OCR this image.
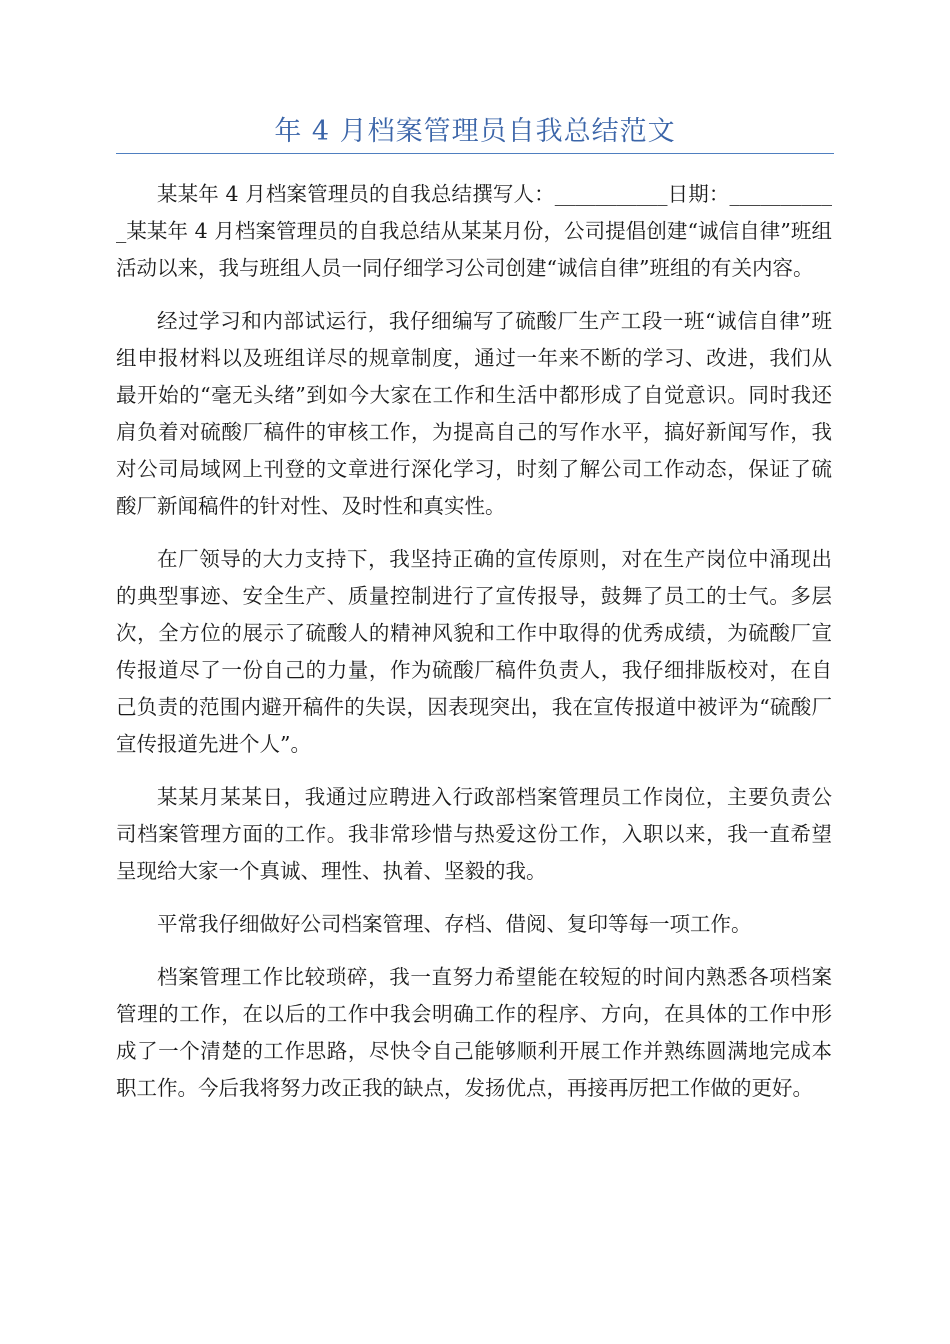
年 4 月档案管理员自我总结范文

某某年 4 月档案管理员的自我总结撰写人：___________日期：___________某某年 4 月档案管理员的自我总结从某某月份，公司提倡创建“诚信自律”班组活动以来，我与班组人员一同仔细学习公司创建“诚信自律”班组的有关内容。

经过学习和内部试运行，我仔细编写了硫酸厂生产工段一班“诚信自律”班组申报材料以及班组详尽的规章制度，通过一年来不断的学习、改进，我们从最开始的“毫无头绪”到如今大家在工作和生活中都形成了自觉意识。同时我还肩负着对硫酸厂稿件的审核工作，为提高自己的写作水平，搞好新闻写作，我对公司局域网上刊登的文章进行深化学习，时刻了解公司工作动态，保证了硫酸厂新闻稿件的针对性、及时性和真实性。

在厂领导的大力支持下，我坚持正确的宣传原则，对在生产岗位中涌现出的典型事迹、安全生产、质量控制进行了宣传报导，鼓舞了员工的士气。多层次，全方位的展示了硫酸人的精神风貌和工作中取得的优秀成绩，为硫酸厂宣传报道尽了一份自己的力量，作为硫酸厂稿件负责人，我仔细排版校对，在自己负责的范围内避开稿件的失误，因表现突出，我在宣传报道中被评为“硫酸厂宣传报道先进个人”。

某某月某某日，我通过应聘进入行政部档案管理员工作岗位，主要负责公司档案管理方面的工作。我非常珍惜与热爱这份工作，入职以来，我一直希望呈现给大家一个真诚、理性、执着、坚毅的我。

平常我仔细做好公司档案管理、存档、借阅、复印等每一项工作。

档案管理工作比较琐碎，我一直努力希望能在较短的时间内熟悉各项档案管理的工作，在以后的工作中我会明确工作的程序、方向，在具体的工作中形成了一个清楚的工作思路，尽快令自己能够顺利开展工作并熟练圆满地完成本职工作。今后我将努力改正我的缺点，发扬优点，再接再厉把工作做的更好。
